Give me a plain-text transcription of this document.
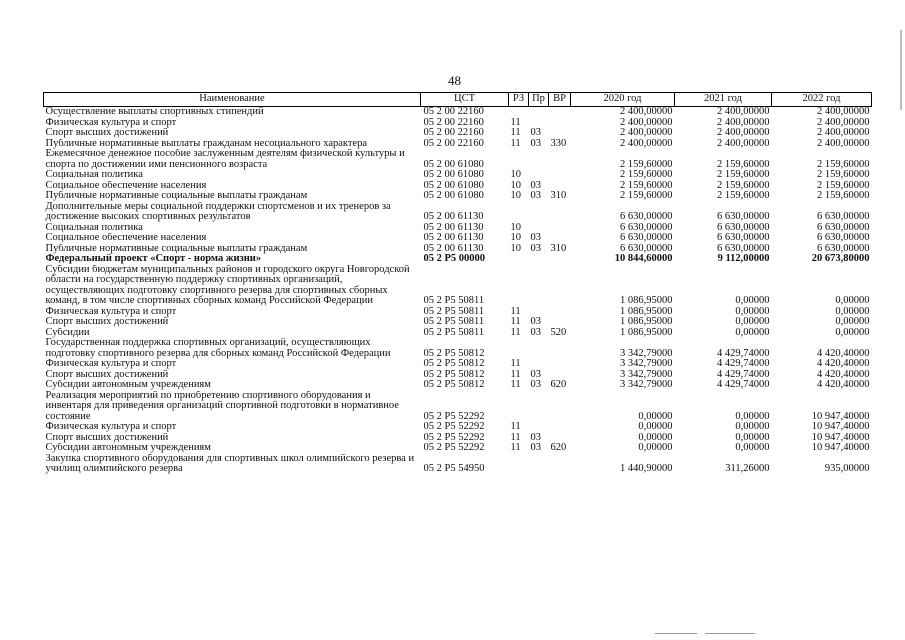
48
Наименование	ЦСТ	РЗ	Пр	ВР	2020 год	2021 год	2022 год
Осуществление выплаты спортивных стипендий	05 2 00 22160				2 400,00000	2 400,00000	2 400,00000
Физическая культура и спорт	05 2 00 22160	11			2 400,00000	2 400,00000	2 400,00000
Спорт высших достижений	05 2 00 22160	11	03		2 400,00000	2 400,00000	2 400,00000
Публичные нормативные выплаты гражданам несоциального характера	05 2 00 22160	11	03	330	2 400,00000	2 400,00000	2 400,00000
Ежемесячное денежное пособие заслуженным деятелям физической культуры и спорта по достижении ими пенсионного возраста	05 2 00 61080				2 159,60000	2 159,60000	2 159,60000
Социальная политика	05 2 00 61080	10			2 159,60000	2 159,60000	2 159,60000
Социальное обеспечение населения	05 2 00 61080	10	03		2 159,60000	2 159,60000	2 159,60000
Публичные нормативные социальные выплаты гражданам	05 2 00 61080	10	03	310	2 159,60000	2 159,60000	2 159,60000
Дополнительные меры социальной поддержки спортсменов и их тренеров за достижение высоких спортивных результатов	05 2 00 61130				6 630,00000	6 630,00000	6 630,00000
Социальная политика	05 2 00 61130	10			6 630,00000	6 630,00000	6 630,00000
Социальное обеспечение населения	05 2 00 61130	10	03		6 630,00000	6 630,00000	6 630,00000
Публичные нормативные социальные выплаты гражданам	05 2 00 61130	10	03	310	6 630,00000	6 630,00000	6 630,00000
Федеральный проект «Спорт - норма жизни»	05 2 P5 00000				10 844,60000	9 112,00000	20 673,80000
Субсидии бюджетам муниципальных районов и городского округа Новгородской области на государственную поддержку спортивных организаций, осуществляющих подготовку спортивного резерва для спортивных сборных команд, в том числе спортивных сборных команд Российской Федерации	05 2 P5 50811				1 086,95000	0,00000	0,00000
Физическая культура и спорт	05 2 P5 50811	11			1 086,95000	0,00000	0,00000
Спорт высших достижений	05 2 P5 50811	11	03		1 086,95000	0,00000	0,00000
Субсидии	05 2 P5 50811	11	03	520	1 086,95000	0,00000	0,00000
Государственная поддержка спортивных организаций, осуществляющих подготовку спортивного резерва для сборных команд Российской Федерации	05 2 P5 50812				3 342,79000	4 429,74000	4 420,40000
Физическая культура и спорт	05 2 P5 50812	11			3 342,79000	4 429,74000	4 420,40000
Спорт высших достижений	05 2 P5 50812	11	03		3 342,79000	4 429,74000	4 420,40000
Субсидии автономным учреждениям	05 2 P5 50812	11	03	620	3 342,79000	4 429,74000	4 420,40000
Реализация мероприятий по приобретению спортивного оборудования и инвентаря для приведения организаций спортивной подготовки в нормативное состояние	05 2 P5 52292				0,00000	0,00000	10 947,40000
Физическая культура и спорт	05 2 P5 52292	11			0,00000	0,00000	10 947,40000
Спорт высших достижений	05 2 P5 52292	11	03		0,00000	0,00000	10 947,40000
Субсидии автономным учреждениям	05 2 P5 52292	11	03	620	0,00000	0,00000	10 947,40000
Закупка спортивного оборудования для спортивных школ олимпийского резерва и училищ олимпийского резерва	05 2 P5 54950				1 440,90000	311,26000	935,00000
